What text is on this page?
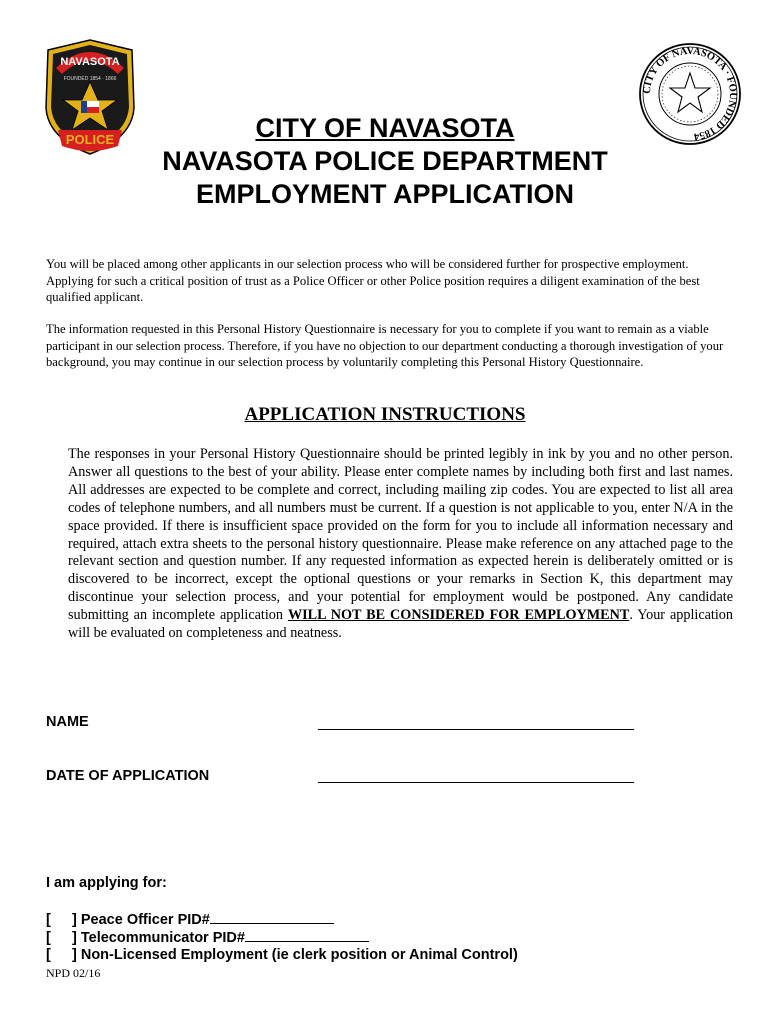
NAVASOTA
FOUNDED 1854 · 1866
POLICE
CITY OF NAVASOTA · FOUNDED 1854
CITY OF NAVASOTA
NAVASOTA POLICE DEPARTMENT
EMPLOYMENT APPLICATION
You will be placed among other applicants in our selection process who will be considered further for prospective employment. Applying for such a critical position of trust as a Police Officer or other Police position requires a diligent examination of the best qualified applicant.
The information requested in this Personal History Questionnaire is necessary for you to complete if you want to remain as a viable participant in our selection process. Therefore, if you have no objection to our department conducting a thorough investigation of your background, you may continue in our selection process by voluntarily completing this Personal History Questionnaire.
APPLICATION INSTRUCTIONS
The responses in your Personal History Questionnaire should be printed legibly in ink by you and no other person. Answer all questions to the best of your ability. Please enter complete names by including both first and last names. All addresses are expected to be complete and correct, including mailing zip codes. You are expected to list all area codes of telephone numbers, and all numbers must be current. If a question is not applicable to you, enter N/A in the space provided. If there is insufficient space provided on the form for you to include all information necessary and required, attach extra sheets to the personal history questionnaire. Please make reference on any attached page to the relevant section and question number. If any requested information as expected herein is deliberately omitted or is discovered to be incorrect, except the optional questions or your remarks in Section K, this department may discontinue your selection process, and your potential for employment would be postponed. Any candidate submitting an incomplete application WILL NOT BE CONSIDERED FOR EMPLOYMENT. Your application will be evaluated on completeness and neatness.
NAME
DATE OF APPLICATION
I am applying for:
[ ] Peace Officer PID#
[ ] Telecommunicator PID#
[ ] Non-Licensed Employment (ie clerk position or Animal Control)
NPD 02/16
